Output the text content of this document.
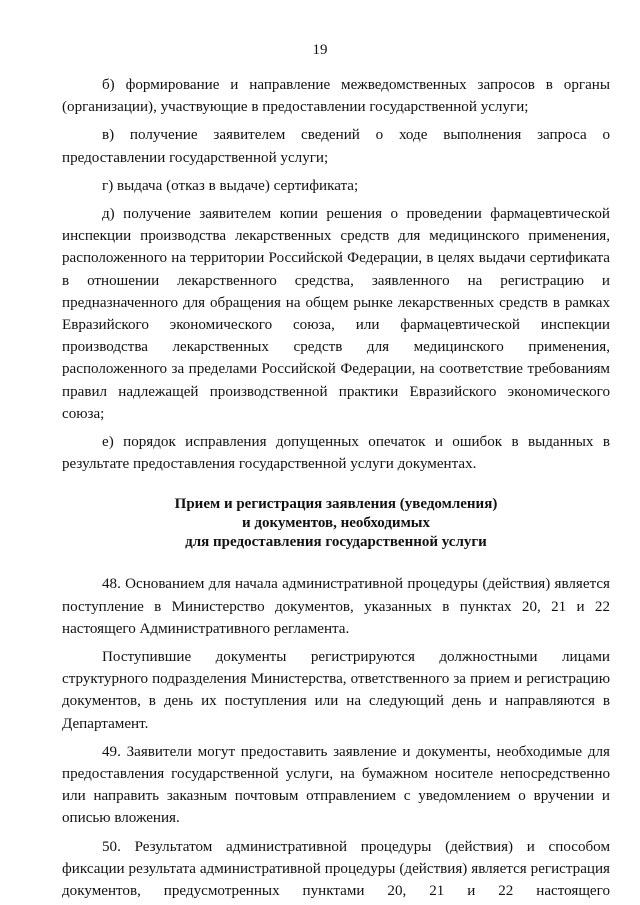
19

б) формирование и направление межведомственных запросов в органы (организации), участвующие в предоставлении государственной услуги;

в) получение заявителем сведений о ходе выполнения запроса о предоставлении государственной услуги;

г) выдача (отказ в выдаче) сертификата;

д) получение заявителем копии решения о проведении фармацевтической инспекции производства лекарственных средств для медицинского применения, расположенного на территории Российской Федерации, в целях выдачи сертификата в отношении лекарственного средства, заявленного на регистрацию и предназначенного для обращения на общем рынке лекарственных средств в рамках Евразийского экономического союза, или фармацевтической инспекции производства лекарственных средств для медицинского применения, расположенного за пределами Российской Федерации, на соответствие требованиям правил надлежащей производственной практики Евразийского экономического союза;

е) порядок исправления допущенных опечаток и ошибок в выданных в результате предоставления государственной услуги документах.

Прием и регистрация заявления (уведомления)
и документов, необходимых
для предоставления государственной услуги

48. Основанием для начала административной процедуры (действия) является поступление в Министерство документов, указанных в пунктах 20, 21 и 22 настоящего Административного регламента.

Поступившие документы регистрируются должностными лицами структурного подразделения Министерства, ответственного за прием и регистрацию документов, в день их поступления или на следующий день и направляются в Департамент.

49. Заявители могут предоставить заявление и документы, необходимые для предоставления государственной услуги, на бумажном носителе непосредственно или направить заказным почтовым отправлением с уведомлением о вручении и описью вложения.

50. Результатом административной процедуры (действия) и способом фиксации результата административной процедуры (действия) является регистрация документов, предусмотренных пунктами 20, 21 и 22 настоящего
